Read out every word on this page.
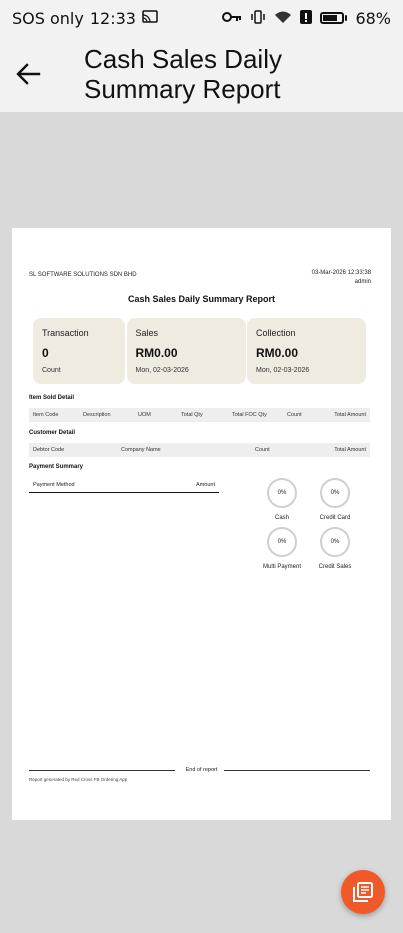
SOS only 12:33	68%
Cash Sales Daily Summary Report
SL SOFTWARE SOLUTIONS SDN BHD	03-Mar-2026 12:33:38
admin
Cash Sales Daily Summary Report
Transaction
0
Count
Sales
RM0.00
Mon, 02-03-2026
Collection
RM0.00
Mon, 02-03-2026
Item Sold Detail
Item Code	Description	UOM	Total Qty	Total FOC Qty	Count	Total Amount
Customer Detail
Debtor Code	Company Name	Count	Total Amount
Payment Summary
Payment Method	Amount
0%
Cash
0%
Credit Card
0%
Multi Payment
0%
Credit Sales
End of report
Report generated by Red Cross FB Ordering App
